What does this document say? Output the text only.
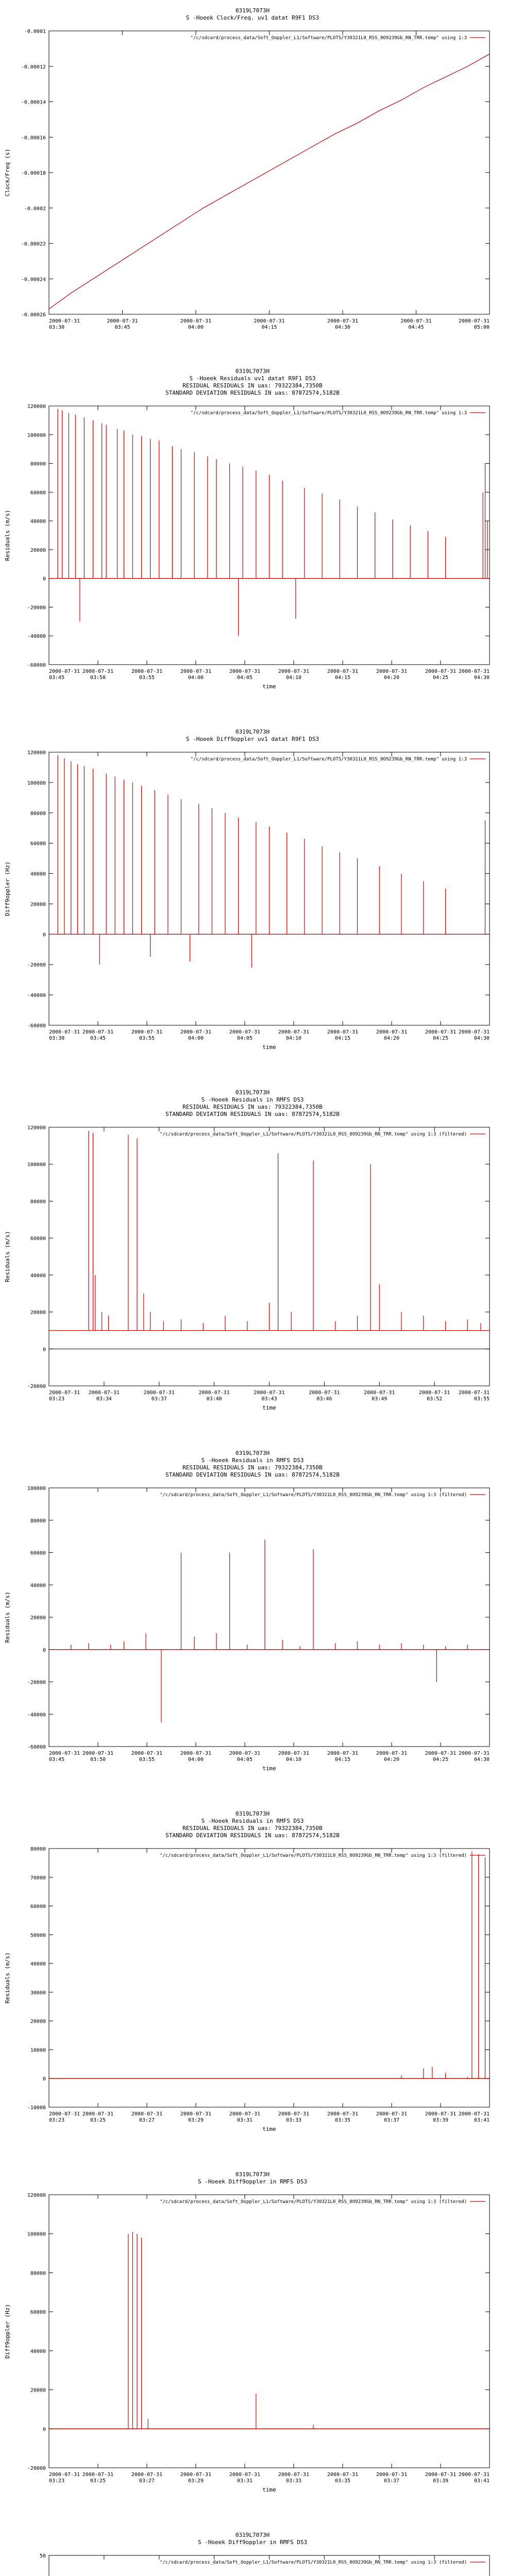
0319L7073H
S -Hoeek Clock/Freq. uv1 datat R9F1 DS3
-0.0001
-0.00012
-0.00014
-0.00016
-0.00018
-0.0002
-0.00022
-0.00024
-0.00026
2000-07-31
03:30
2000-07-31
03:45
2000-07-31
04:00
2000-07-31
04:15
2000-07-31
04:30
2000-07-31
04:45
2000-07-31
05:00
Clock/Freq (s)
"/c/sdcard/process_data/Soft_Ooppler_L1/Software/PLOTS/Y30321L0_RSS_0O9239Gb_RN_TRR.temp" using 1:3
0319L7073H
S -Hoeek Residuals uv1 datat R9F1 DS3
RESIDUAL RESIDUALS IN uas: 79322384,7350B
STANDARD DEVIATION RESIDUALS IN uas: 87872574,5182B
120000
100000
80000
60000
40000
20000
0
-20000
-40000
-60000
2000-07-31
03:45
2000-07-31
03:50
2000-07-31
03:55
2000-07-31
04:00
2000-07-31
04:05
2000-07-31
04:10
2000-07-31
04:15
2000-07-31
04:20
2000-07-31
04:25
2000-07-31
04:30
Residuals (m/s)
time
"/c/sdcard/process_data/Soft_Ooppler_L1/Software/PLOTS/Y30321L0_RSS_0O9239Gb_RN_TRR.temp" using 1:3
0319L7073H
S -Hoeek Diff9oppler uv1 datat R9F1 DS3
120000
100000
80000
60000
40000
20000
0
-20000
-40000
-60000
2000-07-31
03:30
2000-07-31
03:45
2000-07-31
03:55
2000-07-31
04:00
2000-07-31
04:05
2000-07-31
04:10
2000-07-31
04:15
2000-07-31
04:20
2000-07-31
04:25
2000-07-31
04:30
Diff9oppler (Hz)
time
"/c/sdcard/process_data/Soft_Ooppler_L1/Software/PLOTS/Y30321L0_RSS_0O9239Gb_RN_TRR.temp" using 1:3
0319L7073H
S -Hoeek Residuals in RMFS DS3
RESIDUAL RESIDUALS IN uas: 79322384,7350B
STANDARD DEVIATION RESIDUALS IN uas: 87872574,5182B
120000
100000
80000
60000
40000
20000
0
-20000
2000-07-31
03:23
2000-07-31
03:34
2000-07-31
03:37
2000-07-31
03:40
2000-07-31
03:43
2000-07-31
03:46
2000-07-31
03:49
2000-07-31
03:52
2000-07-31
03:55
Residuals (m/s)
time
"/c/sdcard/process_data/Soft_Ooppler_L1/Software/PLOTS/Y30321L0_RSS_0O9239Gb_RN_TRR.temp" using 1:3 (filtered)
0319L7073H
S -Hoeek Residuals in RMFS DS3
RESIDUAL RESIDUALS IN uas: 79322384,7350B
STANDARD DEVIATION RESIDUALS IN uas: 87872574,5182B
100000
80000
60000
40000
20000
0
-20000
-40000
-60000
2000-07-31
03:45
2000-07-31
03:50
2000-07-31
03:55
2000-07-31
04:00
2000-07-31
04:05
2000-07-31
04:10
2000-07-31
04:15
2000-07-31
04:20
2000-07-31
04:25
2000-07-31
04:30
Residuals (m/s)
time
"/c/sdcard/process_data/Soft_Ooppler_L1/Software/PLOTS/Y30321L0_RSS_0O9239Gb_RN_TRR.temp" using 1:3 (filtered)
0319L7073H
S -Hoeek Residuals in RMFS DS3
RESIDUAL RESIDUALS IN uas: 79322384,7350B
STANDARD DEVIATION RESIDUALS IN uas: 87872574,5182B
80000
70000
60000
50000
40000
30000
20000
10000
0
-10000
2000-07-31
03:23
2000-07-31
03:25
2000-07-31
03:27
2000-07-31
03:29
2000-07-31
03:31
2000-07-31
03:33
2000-07-31
03:35
2000-07-31
03:37
2000-07-31
03:39
2000-07-31
03:41
Residuals (m/s)
time
"/c/sdcard/process_data/Soft_Ooppler_L1/Software/PLOTS/Y30321L0_RSS_0O9239Gb_RN_TRR.temp" using 1:3 (filtered)
0319L7073H
S -Hoeek Diff9oppler in RMFS DS3
120000
100000
80000
60000
40000
20000
0
-20000
2000-07-31
03:23
2000-07-31
03:25
2000-07-31
03:27
2000-07-31
03:29
2000-07-31
03:31
2000-07-31
03:33
2000-07-31
03:35
2000-07-31
03:37
2000-07-31
03:39
2000-07-31
03:41
Diff9oppler (Hz)
time
"/c/sdcard/process_data/Soft_Ooppler_L1/Software/PLOTS/Y30321L0_RSS_0O9239Gb_RN_TRR.temp" using 1:3 (filtered)
0319L7073H
S -Hoeek Diff9oppler in RMFS DS3
50
"/c/sdcard/process_data/Soft_Ooppler_L1/Software/PLOTS/Y30321L0_RSS_0O9239Gb_RN_TRR.temp" using 1:3 (filtered)
